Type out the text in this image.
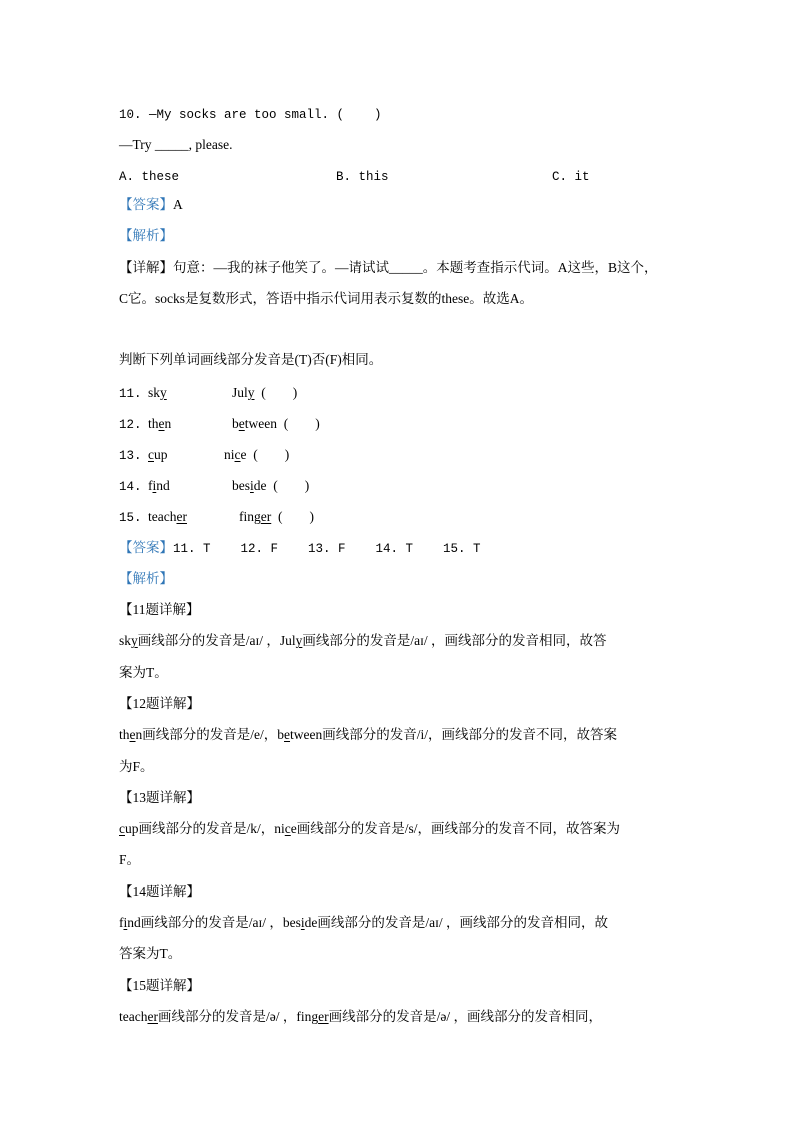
10. —My socks are too small. (    )
—Try _____, please.
A. these	B. this	C. it
【答案】A
【解析】
【详解】句意：—我的袜子他笑了。—请试试_____。本题考查指示代词。A这些，B这个，
C它。socks是复数形式，答语中指示代词用表示复数的these。故选A。
判断下列单词画线部分发音是(T)否(F)相同。
11. sky	July (        )
12. then	between (        )
13. cup	nice (        )
14. find	beside (        )
15. teacher	finger (        )
【答案】11. T    12. F    13. F    14. T    15. T
【解析】
【11题详解】
sky画线部分的发音是/aɪ/ ，July画线部分的发音是/aɪ/ ，画线部分的发音相同，故答
案为T。
【12题详解】
then画线部分的发音是/e/，between画线部分的发音/i/，画线部分的发音不同，故答案
为F。
【13题详解】
cup画线部分的发音是/k/，nice画线部分的发音是/s/，画线部分的发音不同，故答案为
F。
【14题详解】
find画线部分的发音是/aɪ/ ，beside画线部分的发音是/aɪ/ ，画线部分的发音相同，故
答案为T。
【15题详解】
teacher画线部分的发音是/ə/ ，finger画线部分的发音是/ə/ ，画线部分的发音相同，
